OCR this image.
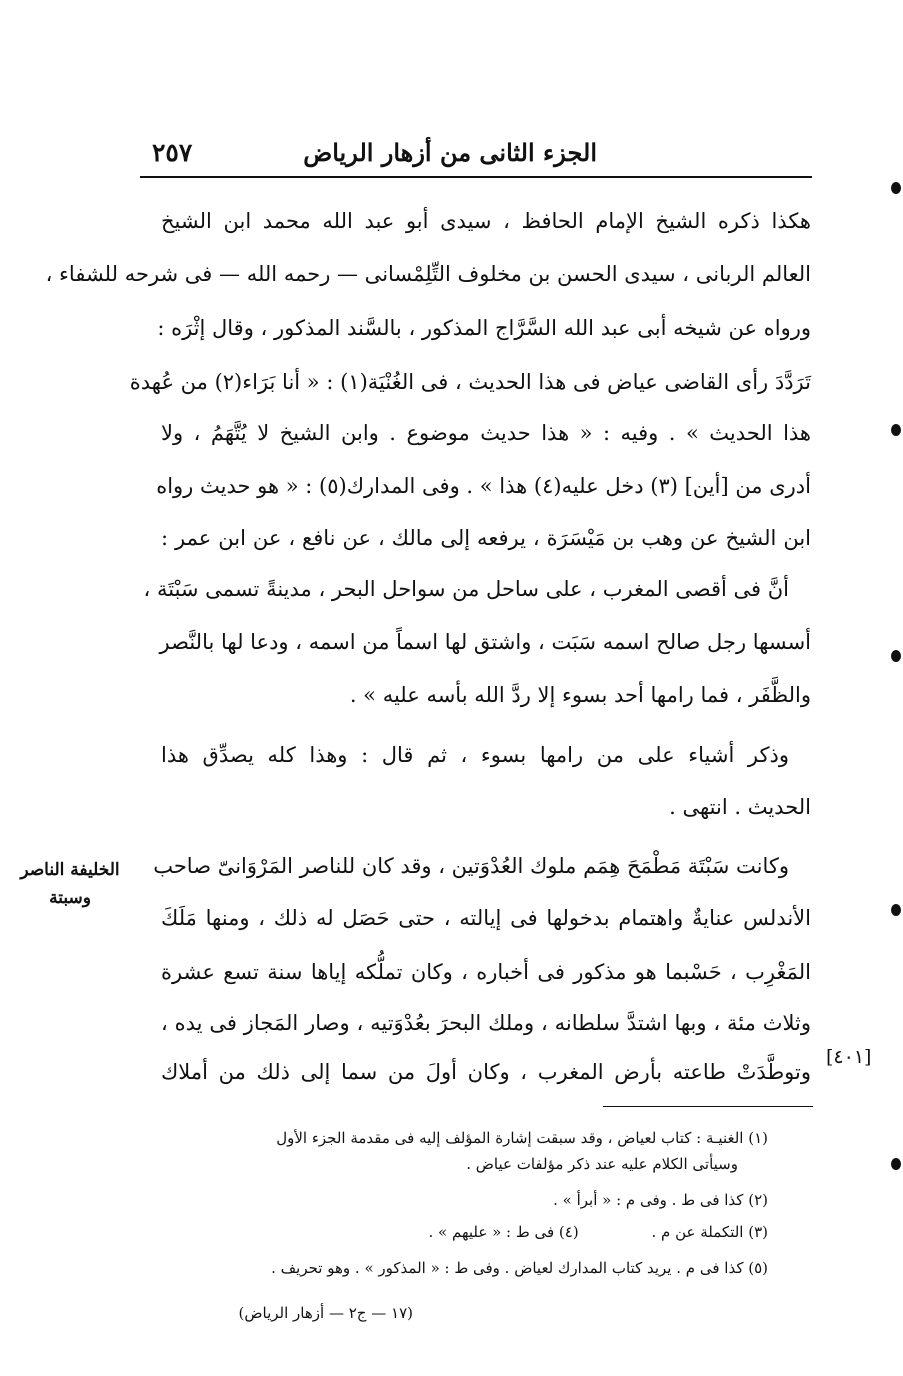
الجزء الثانى من أزهار الرياض
٢٥٧
هكذا ذكره الشيخ الإمام الحافظ ، سيدى أبو عبد الله محمد ابن الشيخ
العالم الربانى ، سيدى الحسن بن مخلوف التِّلِمْسانى — رحمه الله — فى شرحه للشفاء ،
ورواه عن شيخه أبى عبد الله السَّرَّاج المذكور ، بالسَّند المذكور ، وقال إثْرَه :
تَرَدَّدَ رأى القاضى عياض فى هذا الحديث ، فى الغُنْيَة(١) : « أنا بَرَاء(٢) من عُهدة
هذا الحديث » . وفيه : « هذا حديث موضوع . وابن الشيخ لا يُتَّهَمُ ، ولا
أدرى من [أين] (٣) دخل عليه(٤) هذا » . وفى المدارك(٥) : « هو حديث رواه
ابن الشيخ عن وهب بن مَيْسَرَة ، يرفعه إلى مالك ، عن نافع ، عن ابن عمر :
أنَّ فى أقصى المغرب ، على ساحل من سواحل البحر ، مدينةً تسمى سَبْتَة ،
أسسها رجل صالح اسمه سَبَت ، واشتق لها اسماً من اسمه ، ودعا لها بالنَّصر
والظَّفَر ، فما رامها أحد بسوء إلا ردَّ الله بأسه عليه » .
وذكر أشياء على من رامها بسوء ، ثم قال : وهذا كله يصدِّق هذا
الحديث . انتهى .
وكانت سَبْتَة مَطْمَحَ هِمَم ملوك العُدْوَتين ، وقد كان للناصر المَرْوَانىّ صاحب
الأندلس عنايةٌ واهتمام بدخولها فى إيالته ، حتى حَصَل له ذلك ، ومنها مَلَكَ
المَغْرِب ، حَسْبما هو مذكور فى أخباره ، وكان تملُّكه إياها سنة تسع عشرة
وثلاث مئة ، وبها اشتدَّ سلطانه ، وملك البحرَ بعُدْوَتيه ، وصار المَجاز فى يده ،
وتوطَّدَتْ طاعته بأرض المغرب ، وكان أولَ من سما إلى ذلك من أملاك
الخليفة الناصر
وسبتة
[٤٠١]
(١) الغنيـة : كتاب لعياض ، وقد سبقت إشارة المؤلف إليه فى مقدمة الجزء الأول
وسيأتى الكلام عليه عند ذكر مؤلفات عياض .
(٢) كذا فى ط . وفى م : « أبرأ » .
(٣) التكملة عن م . (٤) فى ط : « عليهم » .
(٥) كذا فى م . يريد كتاب المدارك لعياض . وفى ط : « المذكور » . وهو تحريف .
(١٧ — ج٢ — أزهار الرياض)
